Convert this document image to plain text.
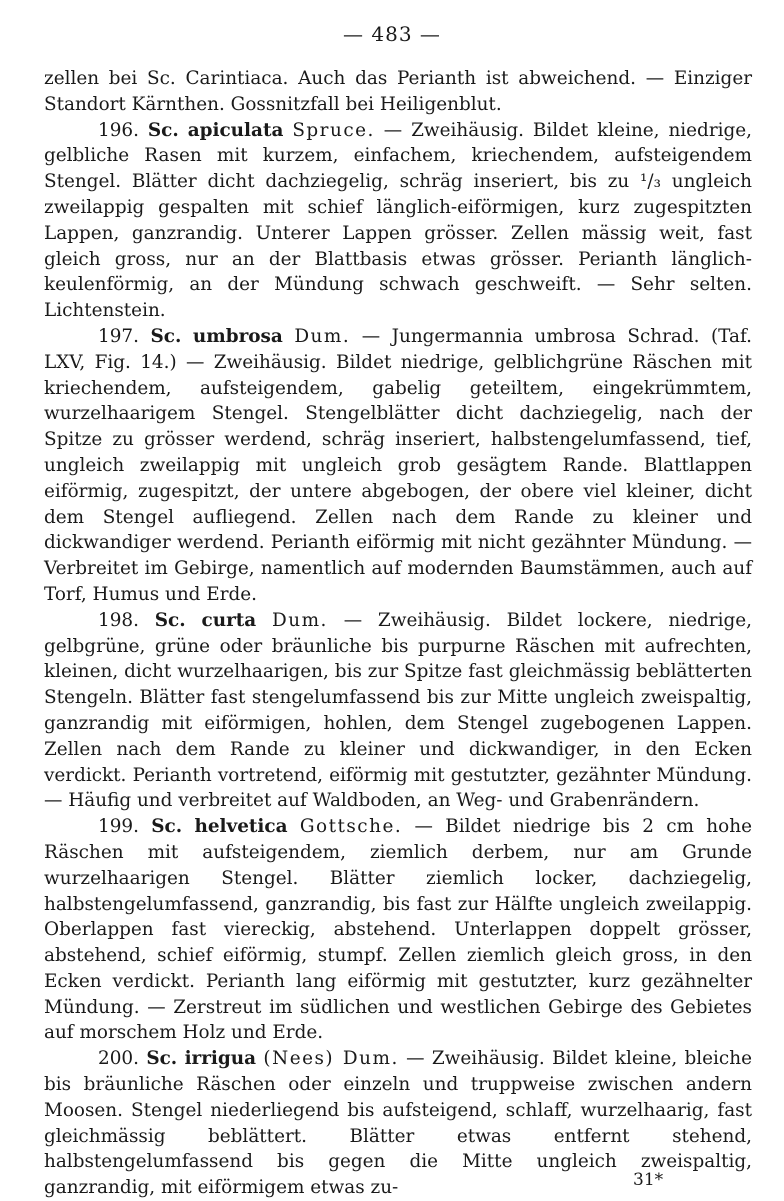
— 483 —

zellen bei Sc. Carintiaca. Auch das Perianth ist abweichend. — Einziger Standort Kärnthen. Gossnitzfall bei Heiligenblut.

196. Sc. apiculata Spruce. — Zweihäusig. Bildet kleine, niedrige, gelbliche Rasen mit kurzem, einfachem, kriechendem, aufsteigendem Stengel. Blätter dicht dachziegelig, schräg inseriert, bis zu ¹/₃ ungleich zweilappig gespalten mit schief länglich-eiförmigen, kurz zugespitzten Lappen, ganzrandig. Unterer Lappen grösser. Zellen mässig weit, fast gleich gross, nur an der Blattbasis etwas grösser. Perianth länglich-keulenförmig, an der Mündung schwach geschweift. — Sehr selten. Lichtenstein.

197. Sc. umbrosa Dum. — Jungermannia umbrosa Schrad. (Taf. LXV, Fig. 14.) — Zweihäusig. Bildet niedrige, gelblichgrüne Räschen mit kriechendem, aufsteigendem, gabelig geteiltem, eingekrümmtem, wurzelhaarigem Stengel. Stengelblätter dicht dachziegelig, nach der Spitze zu grösser werdend, schräg inseriert, halbstengelumfassend, tief, ungleich zweilappig mit ungleich grob gesägtem Rande. Blattlappen eiförmig, zugespitzt, der untere abgebogen, der obere viel kleiner, dicht dem Stengel aufliegend. Zellen nach dem Rande zu kleiner und dickwandiger werdend. Perianth eiförmig mit nicht gezähnter Mündung. — Verbreitet im Gebirge, namentlich auf modernden Baumstämmen, auch auf Torf, Humus und Erde.

198. Sc. curta Dum. — Zweihäusig. Bildet lockere, niedrige, gelbgrüne, grüne oder bräunliche bis purpurne Räschen mit aufrechten, kleinen, dicht wurzelhaarigen, bis zur Spitze fast gleichmässig beblätterten Stengeln. Blätter fast stengelumfassend bis zur Mitte ungleich zweispaltig, ganzrandig mit eiförmigen, hohlen, dem Stengel zugebogenen Lappen. Zellen nach dem Rande zu kleiner und dickwandiger, in den Ecken verdickt. Perianth vortretend, eiförmig mit gestutzter, gezähnter Mündung. — Häufig und verbreitet auf Waldboden, an Weg- und Grabenrändern.

199. Sc. helvetica Gottsche. — Bildet niedrige bis 2 cm hohe Räschen mit aufsteigendem, ziemlich derbem, nur am Grunde wurzelhaarigen Stengel. Blätter ziemlich locker, dachziegelig, halbstengelumfassend, ganzrandig, bis fast zur Hälfte ungleich zweilappig. Oberlappen fast viereckig, abstehend. Unterlappen doppelt grösser, abstehend, schief eiförmig, stumpf. Zellen ziemlich gleich gross, in den Ecken verdickt. Perianth lang eiförmig mit gestutzter, kurz gezähnelter Mündung. — Zerstreut im südlichen und westlichen Gebirge des Gebietes auf morschem Holz und Erde.

200. Sc. irrigua (Nees) Dum. — Zweihäusig. Bildet kleine, bleiche bis bräunliche Räschen oder einzeln und truppweise zwischen andern Moosen. Stengel niederliegend bis aufsteigend, schlaff, wurzelhaarig, fast gleichmässig beblättert. Blätter etwas entfernt stehend, halbstengelumfassend bis gegen die Mitte ungleich zweispaltig, ganzrandig, mit eiförmigem etwas zu-	31*
